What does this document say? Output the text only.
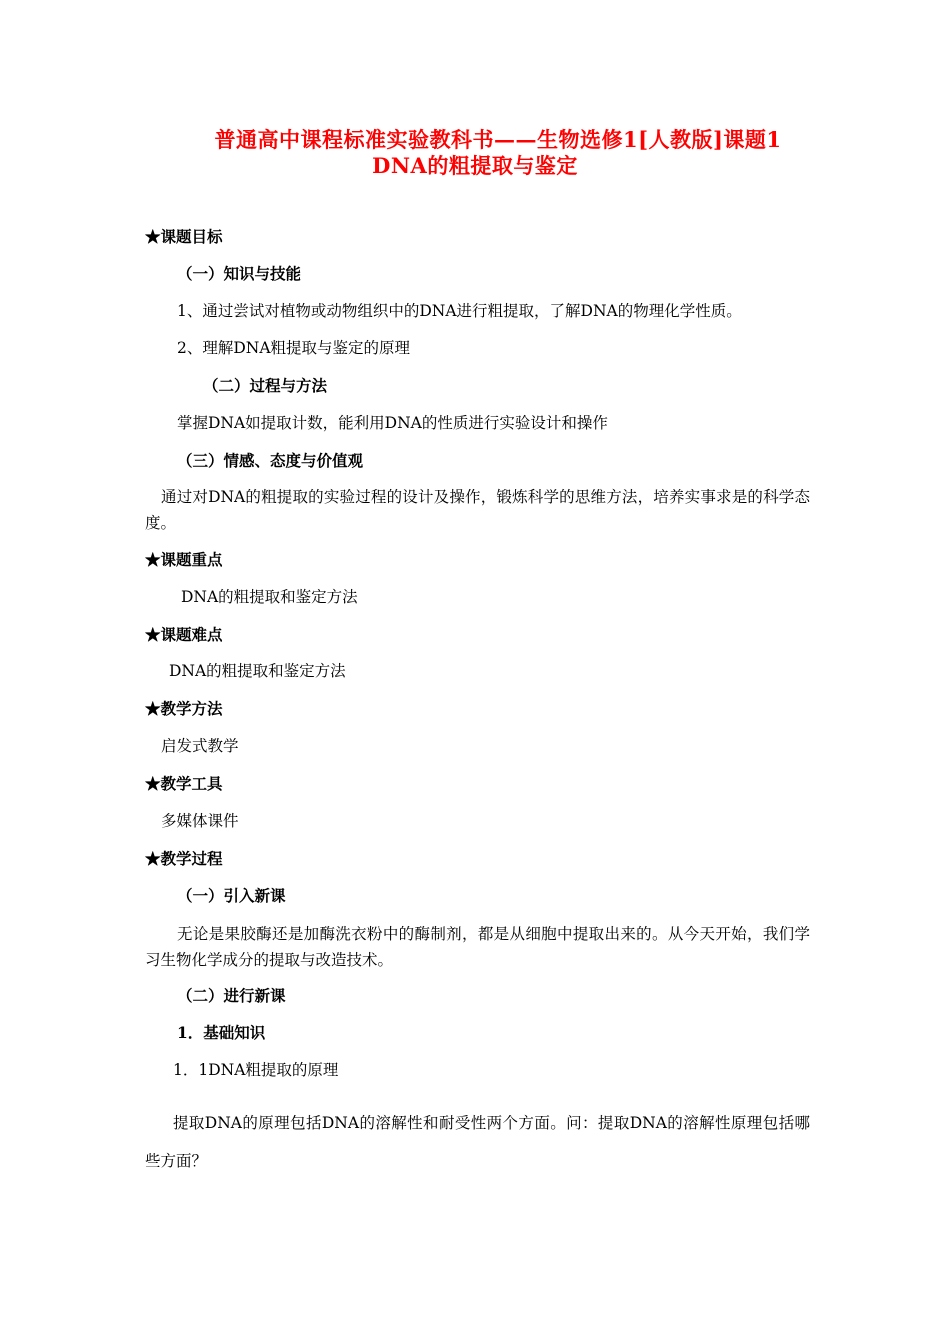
普通高中课程标准实验教科书——生物选修1[人教版]课题1
DNA的粗提取与鉴定
★课题目标
（一）知识与技能
1、通过尝试对植物或动物组织中的DNA进行粗提取，了解DNA的物理化学性质。
2、理解DNA粗提取与鉴定的原理
（二）过程与方法
掌握DNA如提取计数，能利用DNA的性质进行实验设计和操作
（三）情感、态度与价值观
通过对DNA的粗提取的实验过程的设计及操作，锻炼科学的思维方法，培养实事求是的科学态度。
★课题重点
DNA的粗提取和鉴定方法
★课题难点
DNA的粗提取和鉴定方法
★教学方法
启发式教学
★教学工具
多媒体课件
★教学过程
（一）引入新课
无论是果胶酶还是加酶洗衣粉中的酶制剂，都是从细胞中提取出来的。从今天开始，我们学习生物化学成分的提取与改造技术。
（二）进行新课
1．基础知识
1．1DNA粗提取的原理
提取DNA的原理包括DNA的溶解性和耐受性两个方面。问：提取DNA的溶解性原理包括哪些方面？
